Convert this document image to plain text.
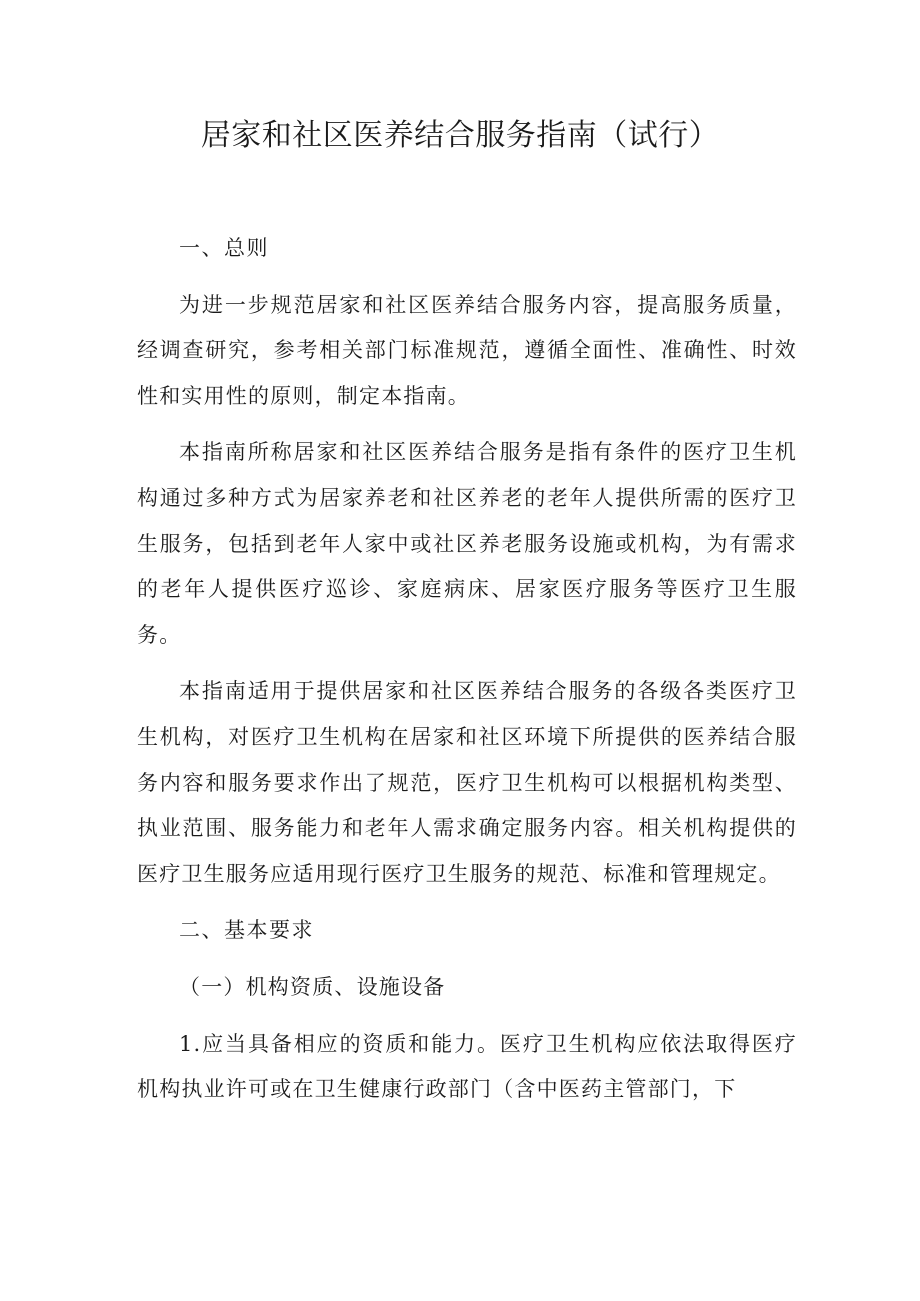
居家和社区医养结合服务指南（试行）

一、总则

为进一步规范居家和社区医养结合服务内容，提高服务质量，经调查研究，参考相关部门标准规范，遵循全面性、准确性、时效性和实用性的原则，制定本指南。

本指南所称居家和社区医养结合服务是指有条件的医疗卫生机构通过多种方式为居家养老和社区养老的老年人提供所需的医疗卫生服务，包括到老年人家中或社区养老服务设施或机构，为有需求的老年人提供医疗巡诊、家庭病床、居家医疗服务等医疗卫生服务。

本指南适用于提供居家和社区医养结合服务的各级各类医疗卫生机构，对医疗卫生机构在居家和社区环境下所提供的医养结合服务内容和服务要求作出了规范，医疗卫生机构可以根据机构类型、执业范围、服务能力和老年人需求确定服务内容。相关机构提供的医疗卫生服务应适用现行医疗卫生服务的规范、标准和管理规定。

二、基本要求

（一）机构资质、设施设备

1.应当具备相应的资质和能力。医疗卫生机构应依法取得医疗机构执业许可或在卫生健康行政部门（含中医药主管部门，下
